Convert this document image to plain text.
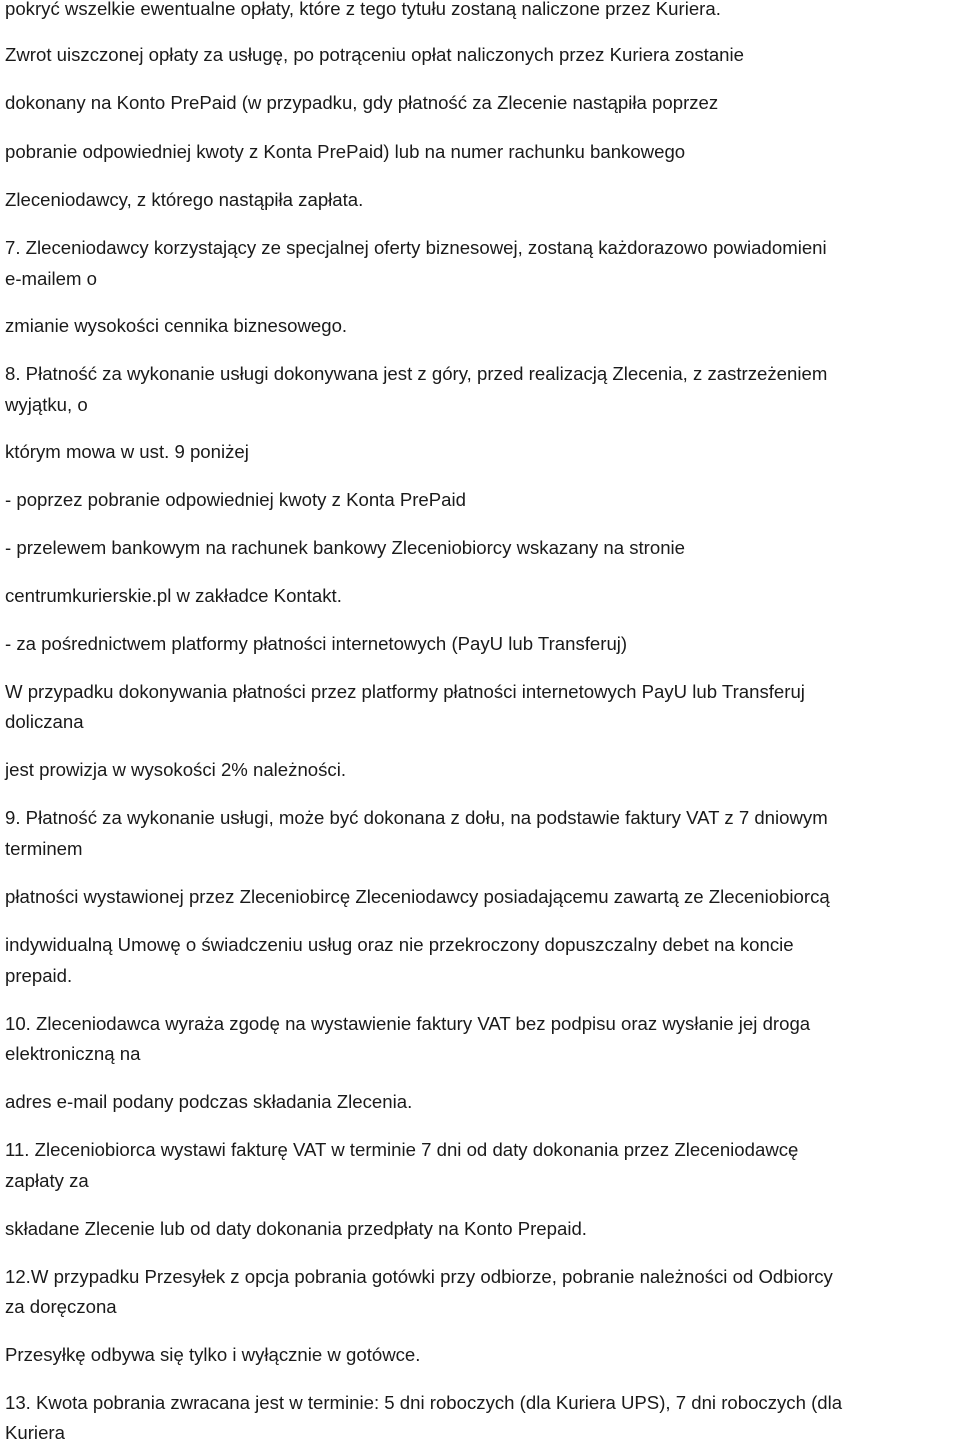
pokryć wszelkie ewentualne opłaty, które z tego tytułu zostaną naliczone przez Kuriera.

Zwrot uiszczonej opłaty za usługę, po potrąceniu opłat naliczonych przez Kuriera zostanie

dokonany na Konto PrePaid (w przypadku, gdy płatność za Zlecenie nastąpiła poprzez

pobranie odpowiedniej kwoty z Konta PrePaid) lub na numer rachunku bankowego

Zleceniodawcy, z którego nastąpiła zapłata.

7. Zleceniodawcy korzystający ze specjalnej oferty biznesowej, zostaną każdorazowo powiadomieni

e-mailem o

zmianie wysokości cennika biznesowego.

8. Płatność za wykonanie usługi dokonywana jest z góry, przed realizacją Zlecenia, z zastrzeżeniem

wyjątku, o

którym mowa w ust. 9 poniżej

- poprzez pobranie odpowiedniej kwoty z Konta PrePaid

- przelewem bankowym na rachunek bankowy Zleceniobiorcy wskazany na stronie

centrumkurierskie.pl w zakładce Kontakt.

- za pośrednictwem platformy płatności internetowych (PayU lub Transferuj)

W przypadku dokonywania płatności przez platformy płatności internetowych PayU lub Transferuj

doliczana

jest prowizja w wysokości 2% należności.

9. Płatność za wykonanie usługi, może być dokonana z dołu, na podstawie faktury VAT z 7 dniowym

terminem

płatności wystawionej przez Zleceniobircę Zleceniodawcy posiadającemu zawartą ze Zleceniobiorcą

indywidualną Umowę o świadczeniu usług oraz nie przekroczony dopuszczalny debet na koncie

prepaid.

10. Zleceniodawca wyraża zgodę na wystawienie faktury VAT bez podpisu oraz wysłanie jej droga

elektroniczną na

adres e-mail podany podczas składania Zlecenia.

11. Zleceniobiorca wystawi fakturę VAT w terminie 7 dni od daty dokonania przez Zleceniodawcę

zapłaty za

składane Zlecenie lub od daty dokonania przedpłaty na Konto Prepaid.

12.W przypadku Przesyłek z opcja pobrania gotówki przy odbiorze, pobranie należności od Odbiorcy

za doręczona

Przesyłkę odbywa się tylko i wyłącznie w gotówce.

13. Kwota pobrania zwracana jest w terminie: 5 dni roboczych (dla Kuriera UPS), 7 dni roboczych (dla

Kuriera
